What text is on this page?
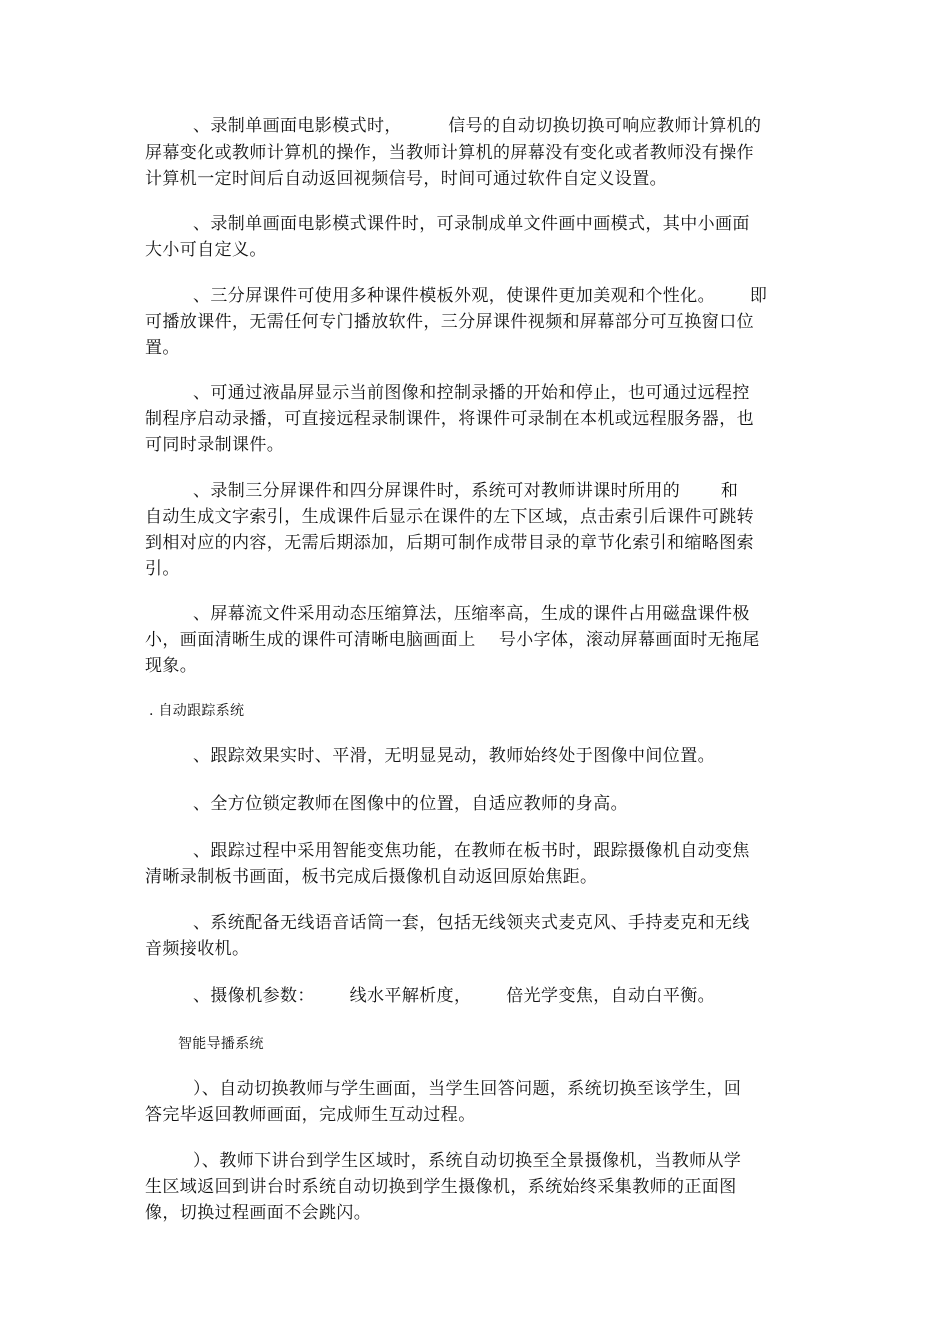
、录制单画面电影模式时，        信号的自动切换切换可响应教师计算机的
屏幕变化或教师计算机的操作，当教师计算机的屏幕没有变化或者教师没有操作
计算机一定时间后自动返回视频信号，时间可通过软件自定义设置。
、录制单画面电影模式课件时，可录制成单文件画中画模式，其中小画面
大小可自定义。
、三分屏课件可使用多种课件模板外观，使课件更加美观和个性化。      即
可播放课件，无需任何专门播放软件，三分屏课件视频和屏幕部分可互换窗口位
置。
、可通过液晶屏显示当前图像和控制录播的开始和停止，也可通过远程控
制程序启动录播，可直接远程录制课件，将课件可录制在本机或远程服务器，也
可同时录制课件。
、录制三分屏课件和四分屏课件时，系统可对教师讲课时所用的       和
自动生成文字索引，生成课件后显示在课件的左下区域，点击索引后课件可跳转
到相对应的内容，无需后期添加，后期可制作成带目录的章节化索引和缩略图索
引。
、屏幕流文件采用动态压缩算法，压缩率高，生成的课件占用磁盘课件极
小，画面清晰生成的课件可清晰电脑画面上    号小字体，滚动屏幕画面时无拖尾
现象。
. 自动跟踪系统
、跟踪效果实时、平滑，无明显晃动，教师始终处于图像中间位置。
、全方位锁定教师在图像中的位置，自适应教师的身高。
、跟踪过程中采用智能变焦功能，在教师在板书时，跟踪摄像机自动变焦
清晰录制板书画面，板书完成后摄像机自动返回原始焦距。
、系统配备无线语音话筒一套，包括无线领夹式麦克风、手持麦克和无线
音频接收机。
、摄像机参数：      线水平解析度，      倍光学变焦，自动白平衡。
智能导播系统
）、自动切换教师与学生画面，当学生回答问题，系统切换至该学生，回
答完毕返回教师画面，完成师生互动过程。
）、教师下讲台到学生区域时，系统自动切换至全景摄像机，当教师从学
生区域返回到讲台时系统自动切换到学生摄像机，系统始终采集教师的正面图
像，切换过程画面不会跳闪。
